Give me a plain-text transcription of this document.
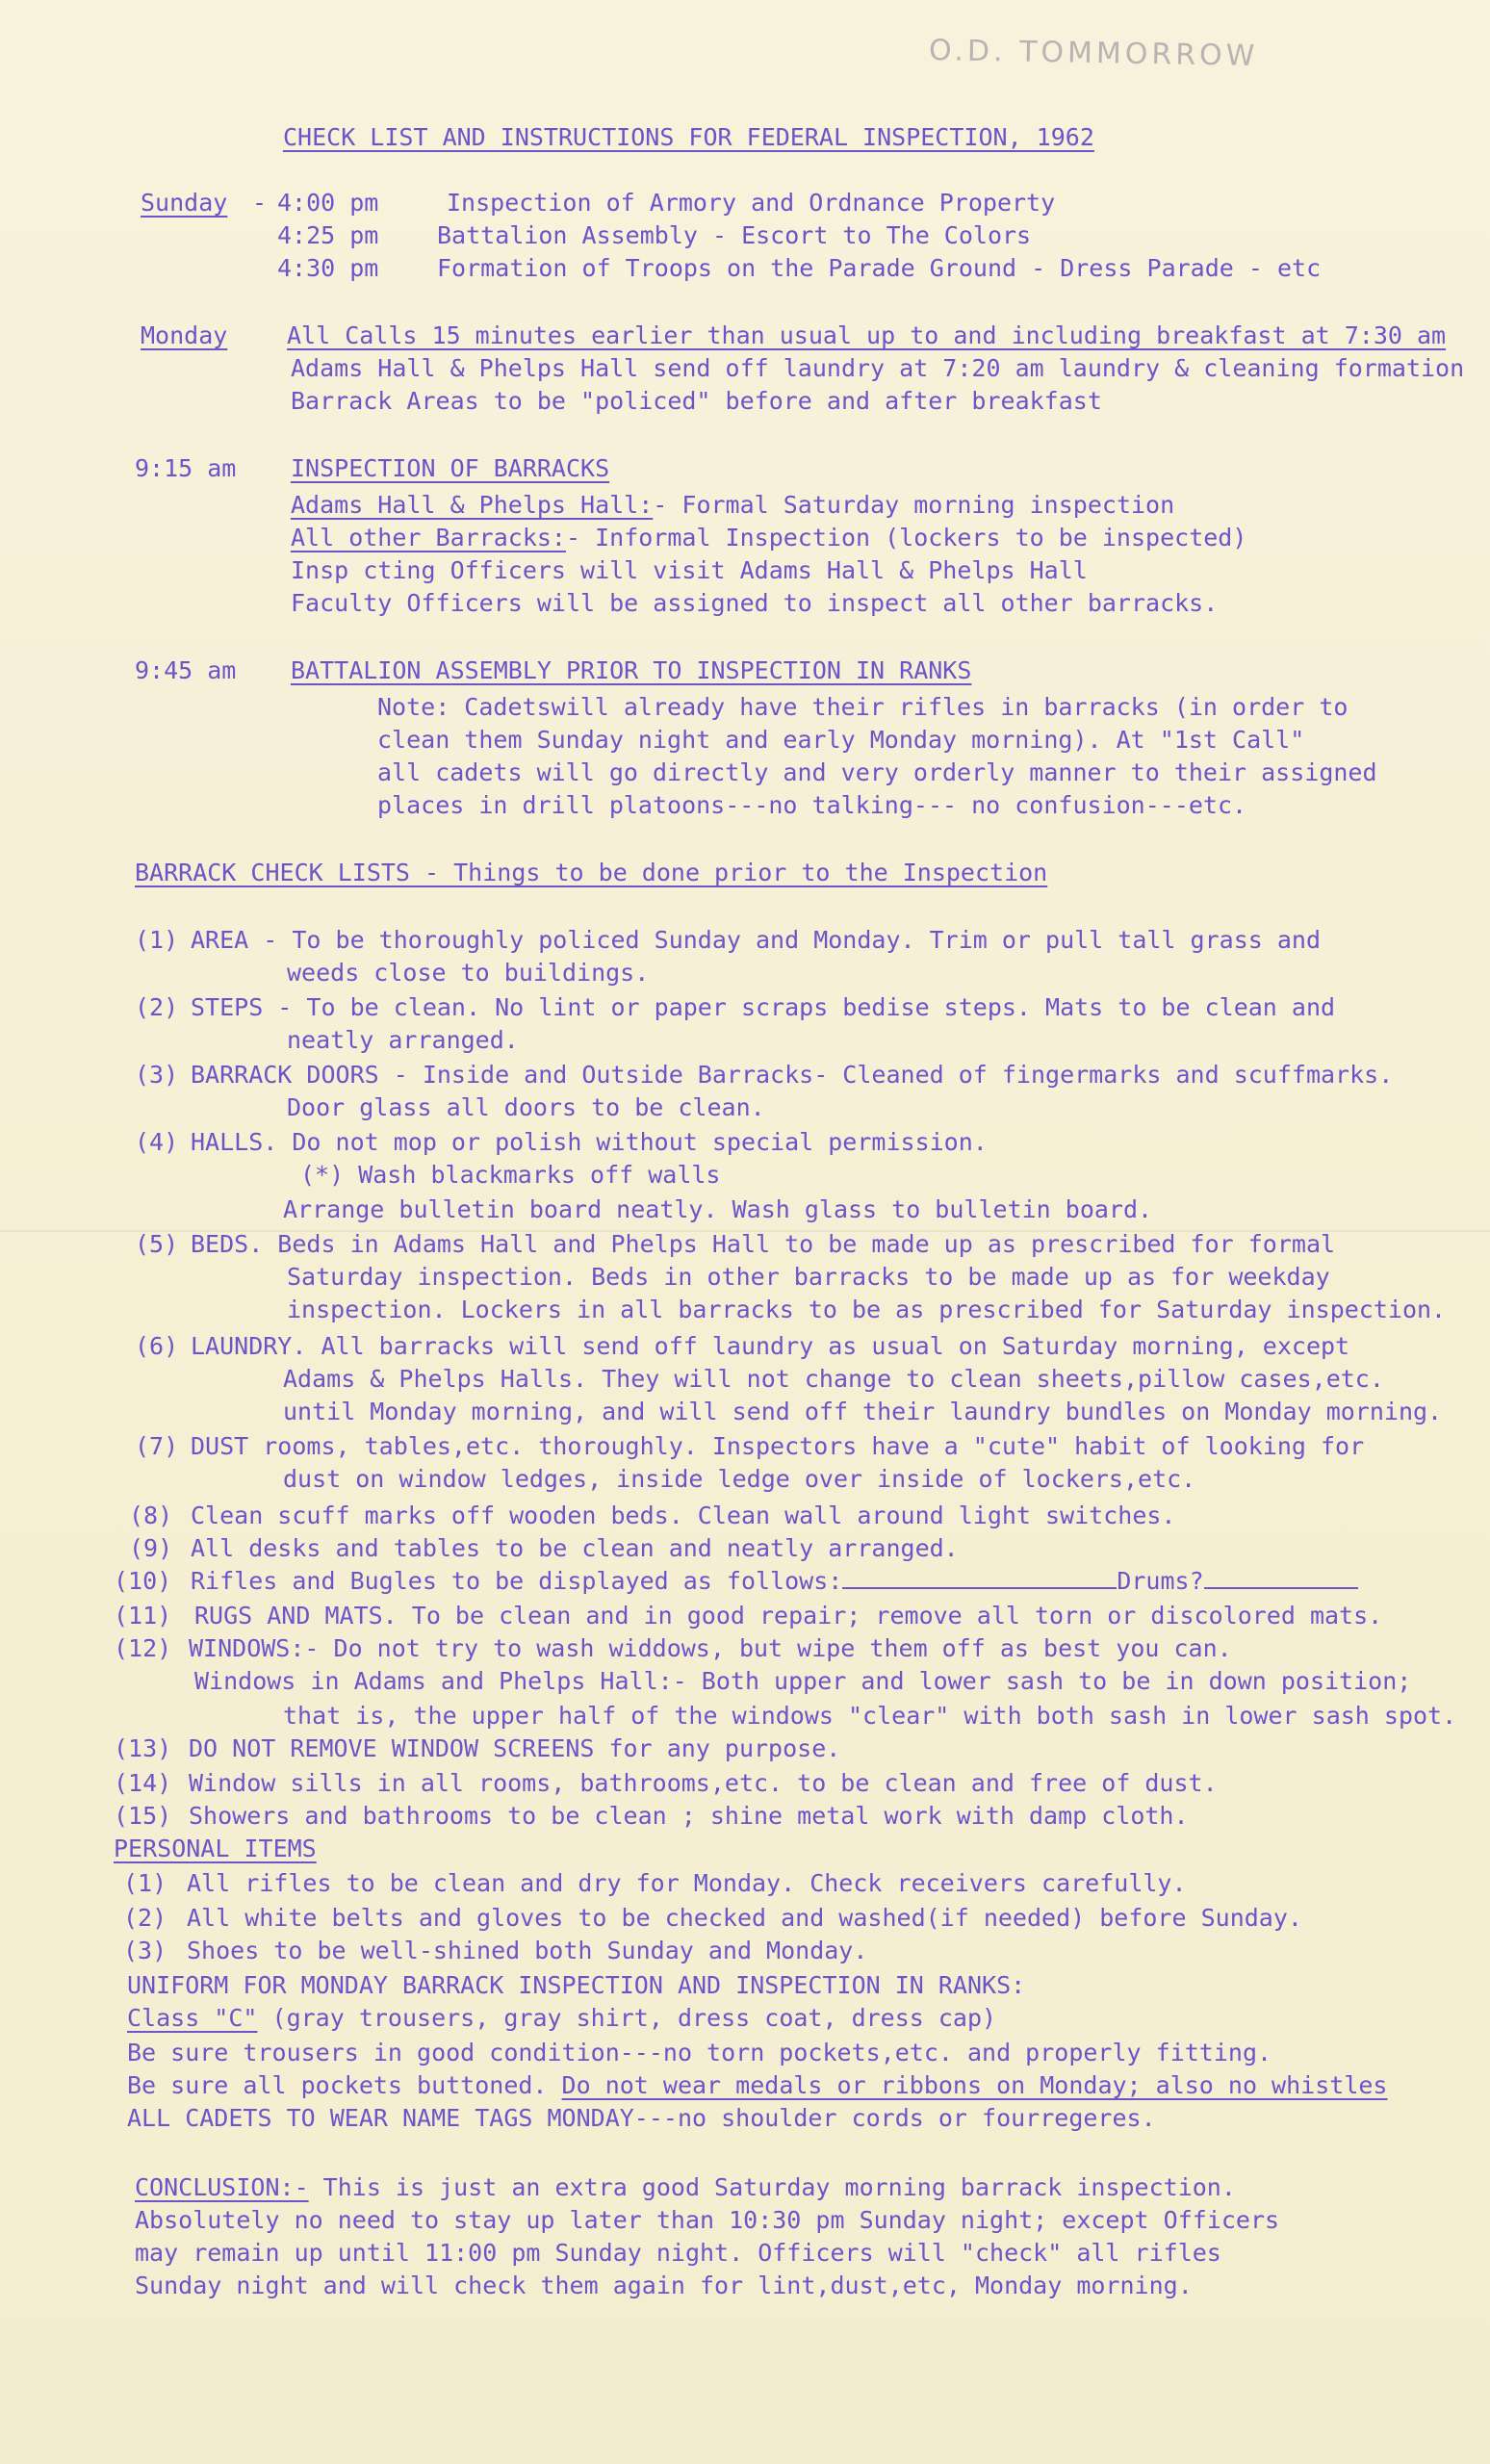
O.D. TOMMORROW
CHECK LIST AND INSTRUCTIONS FOR FEDERAL INSPECTION, 1962
Sunday - 4:00 pm	Inspection of Armory and Ordnance Property
4:25 pm Battalion Assembly - Escort to The Colors
4:30 pm Formation of Troops on the Parade Ground - Dress Parade - etc
Monday All Calls 15 minutes earlier than usual up to and including breakfast at 7:30 am
Adams Hall & Phelps Hall send off laundry at 7:20 am laundry & cleaning formation
Barrack Areas to be "policed" before and after breakfast
9:15 am INSPECTION OF BARRACKS
Adams Hall & Phelps Hall:- Formal Saturday morning inspection
All other Barracks:- Informal Inspection (lockers to be inspected)
Insp cting Officers will visit Adams Hall & Phelps Hall
Faculty Officers will be assigned to inspect all other barracks.
9:45 am BATTALION ASSEMBLY PRIOR TO INSPECTION IN RANKS
Note: Cadetswill already have their rifles in barracks (in order to
clean them Sunday night and early Monday morning). At "1st Call"
all cadets will go directly and very orderly manner to their assigned
places in drill platoons---no talking--- no confusion---etc.
BARRACK CHECK LISTS - Things to be done prior to the Inspection
(1) AREA - To be thoroughly policed Sunday and Monday. Trim or pull tall grass and
weeds close to buildings.
(2) STEPS - To be clean. No lint or paper scraps bedise steps. Mats to be clean and
neatly arranged.
(3) BARRACK DOORS - Inside and Outside Barracks- Cleaned of fingermarks and scuffmarks.
Door glass all doors to be clean.
(4) HALLS. Do not mop or polish without special permission.
(*) Wash blackmarks off walls
Arrange bulletin board neatly. Wash glass to bulletin board.
(5) BEDS. Beds in Adams Hall and Phelps Hall to be made up as prescribed for formal
Saturday inspection. Beds in other barracks to be made up as for weekday
inspection. Lockers in all barracks to be as prescribed for Saturday inspection.
(6) LAUNDRY. All barracks will send off laundry as usual on Saturday morning, except
Adams & Phelps Halls. They will not change to clean sheets,pillow cases,etc.
until Monday morning, and will send off their laundry bundles on Monday morning.
(7) DUST rooms, tables,etc. thoroughly. Inspectors have a "cute" habit of looking for
dust on window ledges, inside ledge over inside of lockers,etc.
(8) Clean scuff marks off wooden beds. Clean wall around light switches.
(9) All desks and tables to be clean and neatly arranged.
(10) Rifles and Bugles to be displayed as follows:	Drums?
(11) RUGS AND MATS. To be clean and in good repair; remove all torn or discolored mats.
(12) WINDOWS:- Do not try to wash widdows, but wipe them off as best you can.
Windows in Adams and Phelps Hall:- Both upper and lower sash to be in down position;
that is, the upper half of the windows "clear" with both sash in lower sash spot.
(13) DO NOT REMOVE WINDOW SCREENS for any purpose.
(14) Window sills in all rooms, bathrooms,etc. to be clean and free of dust.
(15) Showers and bathrooms to be clean ; shine metal work with damp cloth.
PERSONAL ITEMS
(1) All rifles to be clean and dry for Monday. Check receivers carefully.
(2) All white belts and gloves to be checked and washed(if needed) before Sunday.
(3) Shoes to be well-shined both Sunday and Monday.
UNIFORM FOR MONDAY BARRACK INSPECTION AND INSPECTION IN RANKS:
Class "C" (gray trousers, gray shirt, dress coat, dress cap)
Be sure trousers in good condition---no torn pockets,etc. and properly fitting.
Be sure all pockets buttoned. Do not wear medals or ribbons on Monday; also no whistles
ALL CADETS TO WEAR NAME TAGS MONDAY---no shoulder cords or fourregeres.
CONCLUSION:- This is just an extra good Saturday morning barrack inspection.
Absolutely no need to stay up later than 10:30 pm Sunday night; except Officers
may remain up until 11:00 pm Sunday night. Officers will "check" all rifles
Sunday night and will check them again for lint,dust,etc, Monday morning.
